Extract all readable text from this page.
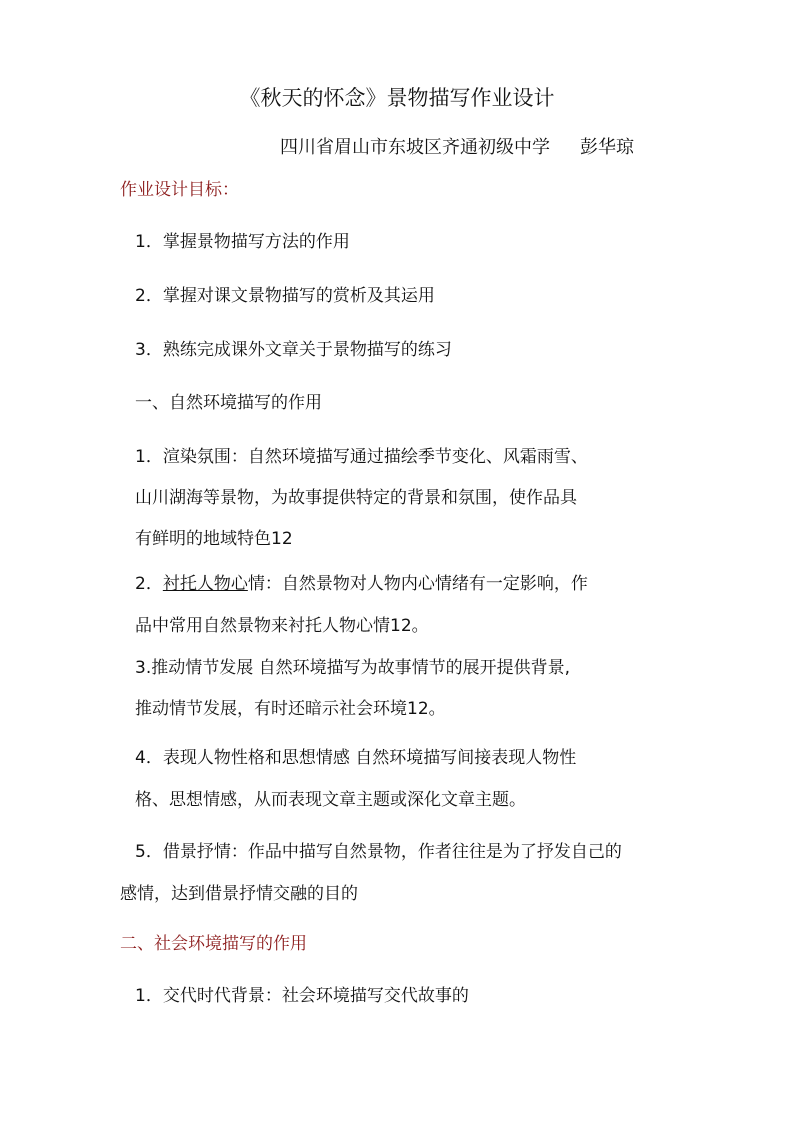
《秋天的怀念》景物描写作业设计
四川省眉山市东坡区齐通初级中学 彭华琼
作业设计目标：
1．掌握景物描写方法的作用
2．掌握对课文景物描写的赏析及其运用
3．熟练完成课外文章关于景物描写的练习
一、自然环境描写的作用
1．渲染氛围：自然环境描写通过描绘季节变化、风霜雨雪、
山川湖海等景物，为故事提供特定的背景和氛围，使作品具
有鲜明的地域特色12
2．衬托人物心情：自然景物对人物内心情绪有一定影响，作
品中常用自然景物来衬托人物心情12。
3.推动情节发展 自然环境描写为故事情节的展开提供背景,
推动情节发展，有时还暗示社会环境12。
4．表现人物性格和思想情感 自然环境描写间接表现人物性
格、思想情感，从而表现文章主题或深化文章主题。
5．借景抒情：作品中描写自然景物，作者往往是为了抒发自己的
感情，达到借景抒情交融的目的
二、社会环境描写的作用
1．交代时代背景：社会环境描写交代故事的
